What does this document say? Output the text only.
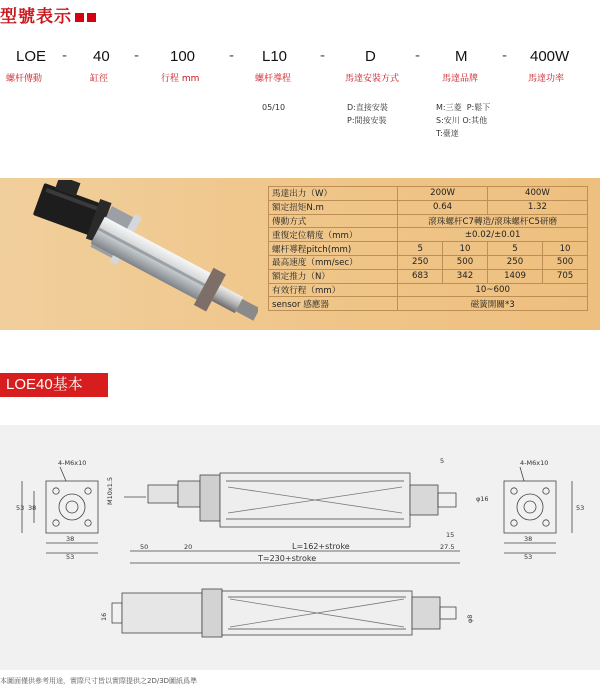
型號表示
LOE	40	100	L10	D	M	400W
-	-	-	-	-	-
螺杆傳動	缸徑	行程 mm	螺杆導程	馬達安裝方式	馬達品牌	馬達功率
05/10	D:直接安裝
P:間接安裝
M:三菱 P:鬆下
S:安川 O:其他
T:臺達
馬達出力（W）	200W		400W	
額定扭矩N.m	0.64		1.32	
傳動方式	滾珠螺杆C7轉造/滾珠螺杆C5研磨			
重復定位精度（mm）	±0.02/±0.01			
螺杆導程pitch(mm)	5	10	5	10
最高速度（mm/sec）	250	500	250	500
額定推力（N）	683	342	1409	705
有效行程（mm）	10~600			
sensor 感應器	磁簧開關*3			
LOE40基本
4-M6x10
53 38
38
53
φ16
5
15
27.5
50	20
M10x1.5
L=162+stroke
T=230+stroke
4-M6x10
53
38
53
16	φ8
本圖面僅供參考用途，實際尺寸皆以實際提供之2D/3D圖紙爲準
